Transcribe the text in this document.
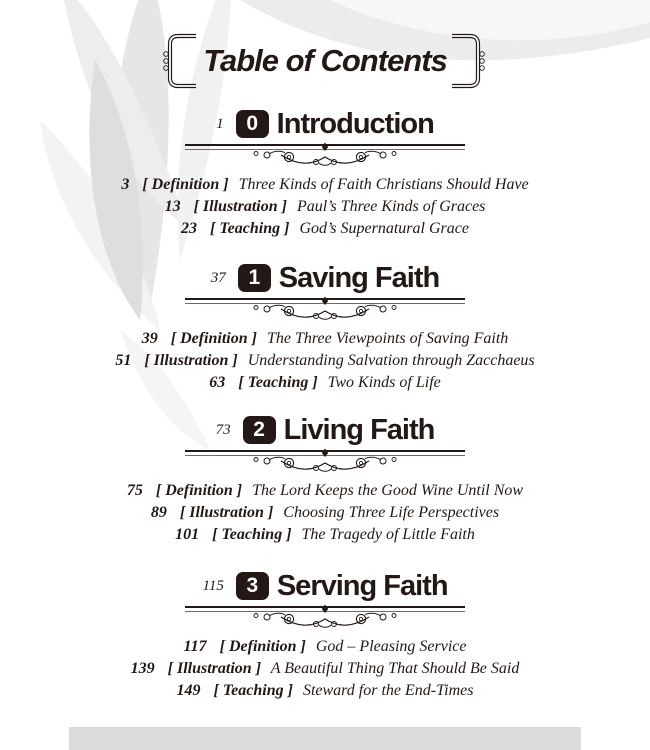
Table of Contents
1	0 Introduction
3 [ Definition ] Three Kinds of Faith Christians Should Have
13 [ Illustration ] Paul’s Three Kinds of Graces
23 [ Teaching ] God’s Supernatural Grace
37	1 Saving Faith
39 [ Definition ] The Three Viewpoints of Saving Faith
51 [ Illustration ] Understanding Salvation through Zacchaeus
63 [ Teaching ] Two Kinds of Life
73	2 Living Faith
75 [ Definition ] The Lord Keeps the Good Wine Until Now
89 [ Illustration ] Choosing Three Life Perspectives
101 [ Teaching ] The Tragedy of Little Faith
115	3 Serving Faith
117 [ Definition ] God – Pleasing Service
139 [ Illustration ] A Beautiful Thing That Should Be Said
149 [ Teaching ] Steward for the End-Times
